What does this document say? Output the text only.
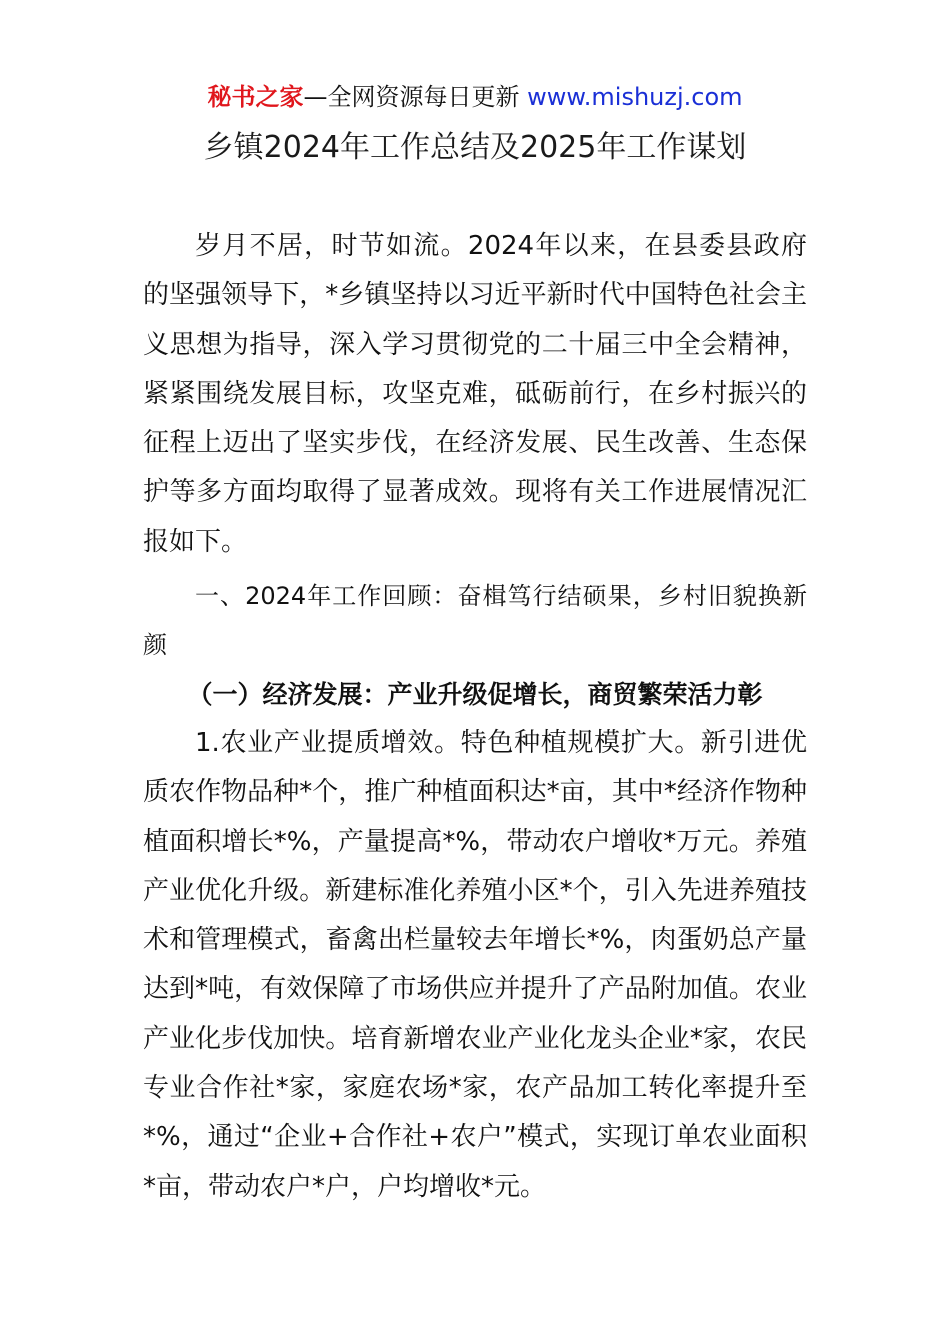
秘书之家—全网资源每日更新 www.mishuzj.com
乡镇2024年工作总结及2025年工作谋划

岁月不居，时节如流。2024年以来，在县委县政府的坚强领导下，*乡镇坚持以习近平新时代中国特色社会主义思想为指导，深入学习贯彻党的二十届三中全会精神，紧紧围绕发展目标，攻坚克难，砥砺前行，在乡村振兴的征程上迈出了坚实步伐，在经济发展、民生改善、生态保护等多方面均取得了显著成效。现将有关工作进展情况汇报如下。

一、2024年工作回顾：奋楫笃行结硕果，乡村旧貌换新颜

（一）经济发展：产业升级促增长，商贸繁荣活力彰

1.农业产业提质增效。特色种植规模扩大。新引进优质农作物品种*个，推广种植面积达*亩，其中*经济作物种植面积增长*%，产量提高*%，带动农户增收*万元。养殖产业优化升级。新建标准化养殖小区*个，引入先进养殖技术和管理模式，畜禽出栏量较去年增长*%，肉蛋奶总产量达到*吨，有效保障了市场供应并提升了产品附加值。农业产业化步伐加快。培育新增农业产业化龙头企业*家，农民专业合作社*家，家庭农场*家，农产品加工转化率提升至*%，通过“企业+合作社+农户”模式，实现订单农业面积*亩，带动农户*户，户均增收*元。
